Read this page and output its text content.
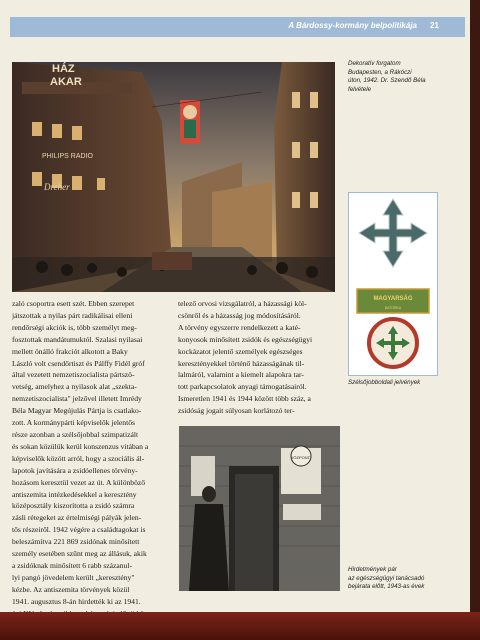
A Bárdossy-kormány belpolitikája 21
HÁZ
AKAR
PHILIPS RADIO
Dreher
Dekoratív forgatom
Budapesten, a Rákóczi
úton, 1942. Dr. Szendő Béla
felvétele
MAGYARSÁG
BATORKA
Szélsőjobboldali jelvények
KÖZPONTI
Hirdetmények pár
az egészségügyi tanácsadó
bejárata előtt, 1943-as évek
zaló csoportra esett szét. Ebben szerepet
játszottak a nyilas párt radikálisai elleni
rendőrségi akciók is, több személyt meg-
fosztottak mandátumuktól. Szalasi nyilasai
mellett önálló frakciót alkotott a Baky
László volt csendőrtiszt és Pálffy Fidél gróf
által vezetett nemzetiszocialista pártszö-
vetség, amelyhez a nyilasok alat „szekta-
nemzetiszocialista" jelzővel illetett Imrédy
Béla Magyar Megújulás Pártja is csatlako-
zott. A kormánypárti képviselők jelentős
része azonban a szélsőjobbal szimpatizált
és sokan közülük kerül konszenzus vitában a
képviselők között arról, hogy a szociális ál-
lapotok javítására a zsidóellenes törvény-
hozásom keresztül vezet az út. A különböző
antiszemita intézkedésekkel a keresztény
középosztály kiszorította a zsidó számra
zásli rétegeket az értelmiségi pályák jelen-
tős részeiről. 1942 végére a családtagokat is
beleszámítva 221 869 zsidónak minősített
személy esetében szűnt meg az állásuk, akik
a zsidóknak minősített 6 rabb százanul-
lyi pangó jövedelem került „keresztény"
kézbe. Az antiszemita törvények közül
1941. augusztus 8-án hirdették ki az 1941.
telező orvosi vizsgálatról, a házassági köl-
csönről és a házasság jog módosításáról.
A törvény egyszerre rendelkezett a katé-
konyosok minősített zsidók és egészségügyi
kockázatot jelentő személyek egészséges
keresztényekkel történő házasságának til-
lalmáról, valamint a kiemelt alapokra tar-
tott parkapcsolatok anyagi támogatásairól.
Ismeretlen 1941 és 1944 között több száz, a
zsidóság jogait súlyosan korlátozó ter-
